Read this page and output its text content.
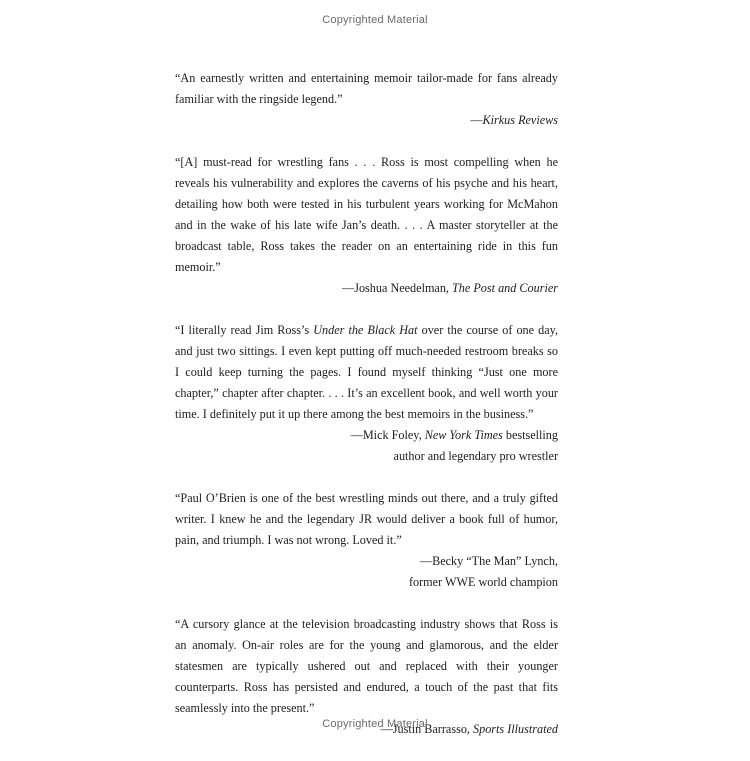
Copyrighted Material

“An earnestly written and entertaining memoir tailor-made for fans already familiar with the ringside legend.”

—Kirkus Reviews

“[A] must-read for wrestling fans . . . Ross is most compelling when he reveals his vulnerability and explores the caverns of his psyche and his heart, detailing how both were tested in his turbulent years working for McMahon and in the wake of his late wife Jan’s death. . . . A master storyteller at the broadcast table, Ross takes the reader on an entertaining ride in this fun memoir.”

—Joshua Needelman, The Post and Courier

“I literally read Jim Ross’s Under the Black Hat over the course of one day, and just two sittings. I even kept putting off much-needed restroom breaks so I could keep turning the pages. I found myself thinking “Just one more chapter,” chapter after chapter. . . . It’s an excellent book, and well worth your time. I definitely put it up there among the best memoirs in the business.”

—Mick Foley, New York Times bestselling
author and legendary pro wrestler

“Paul O’Brien is one of the best wrestling minds out there, and a truly gifted writer. I knew he and the legendary JR would deliver a book full of humor, pain, and triumph. I was not wrong. Loved it.”

—Becky “The Man” Lynch,
former WWE world champion

“A cursory glance at the television broadcasting industry shows that Ross is an anomaly. On-air roles are for the young and glamorous, and the elder statesmen are typically ushered out and replaced with their younger counterparts. Ross has persisted and endured, a touch of the past that fits seamlessly into the present.”

—Justin Barrasso, Sports Illustrated

Copyrighted Material
